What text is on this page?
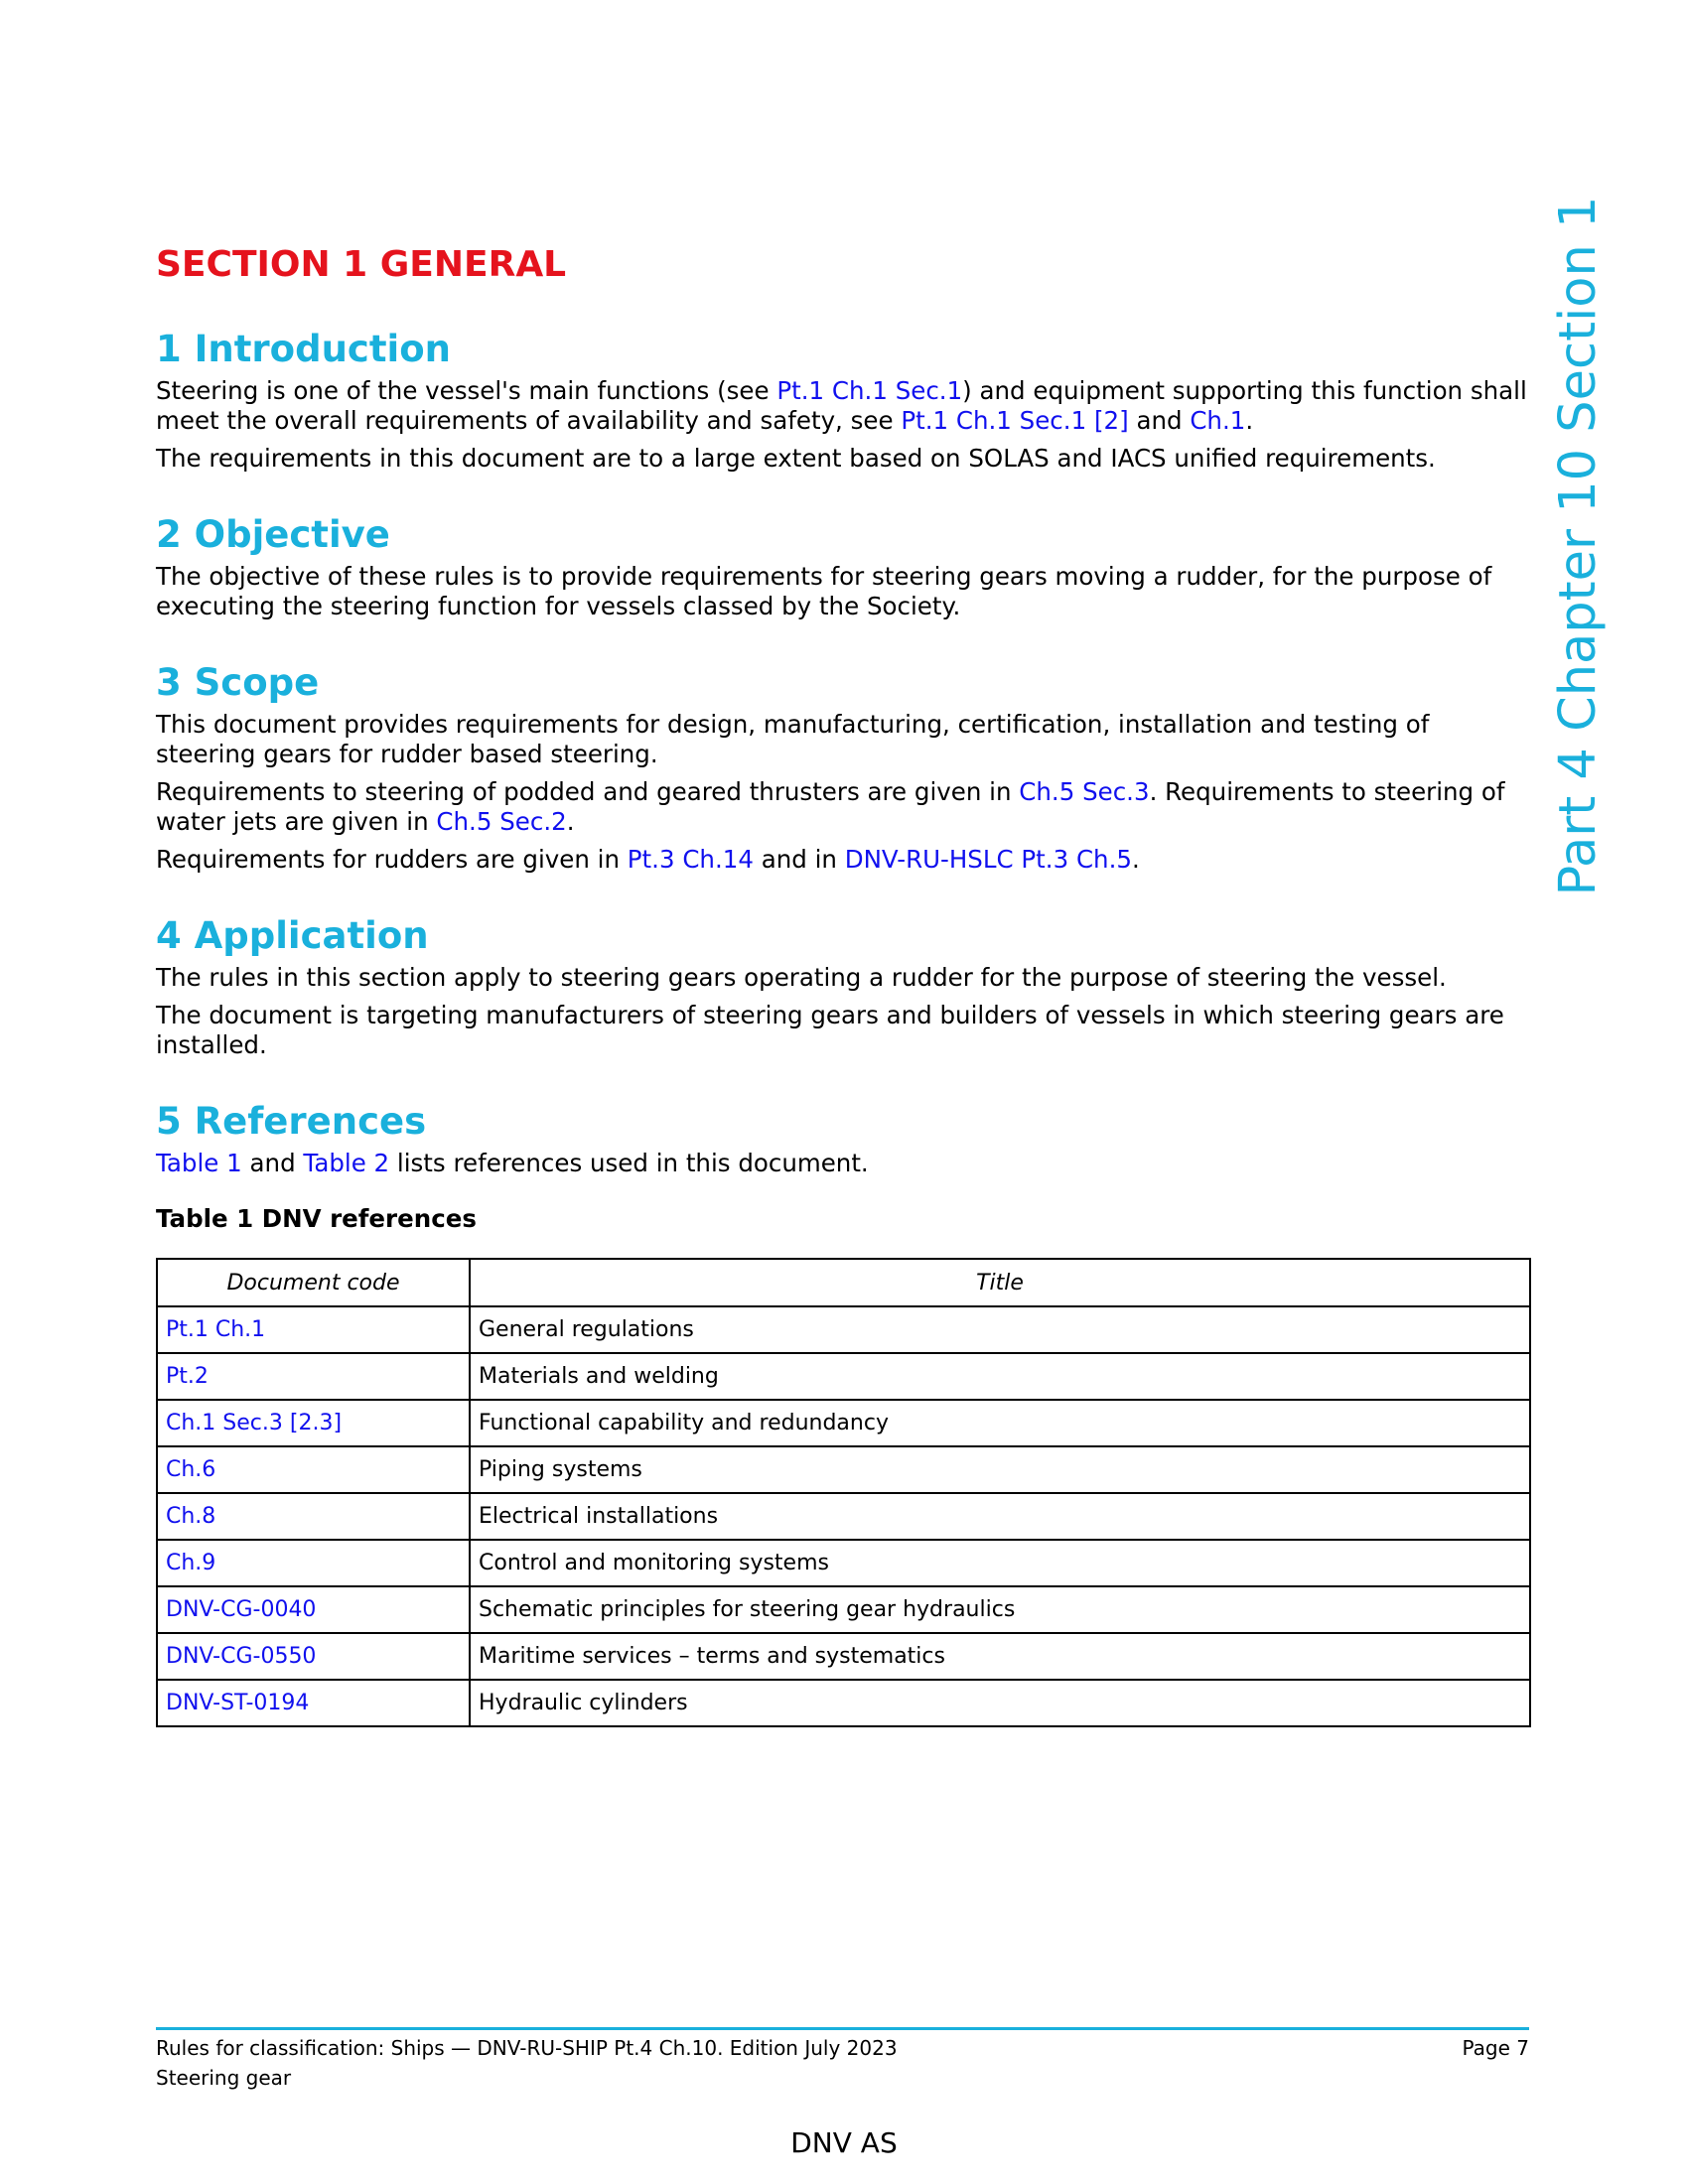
SECTION 1 GENERAL
1 Introduction

Steering is one of the vessel's main functions (see Pt.1 Ch.1 Sec.1) and equipment supporting this function shall meet the overall requirements of availability and safety, see Pt.1 Ch.1 Sec.1 [2] and Ch.1.

The requirements in this document are to a large extent based on SOLAS and IACS unified requirements.

2 Objective

The objective of these rules is to provide requirements for steering gears moving a rudder, for the purpose of executing the steering function for vessels classed by the Society.

3 Scope

This document provides requirements for design, manufacturing, certification, installation and testing of steering gears for rudder based steering.

Requirements to steering of podded and geared thrusters are given in Ch.5 Sec.3. Requirements to steering of water jets are given in Ch.5 Sec.2.

Requirements for rudders are given in Pt.3 Ch.14 and in DNV-RU-HSLC Pt.3 Ch.5.

4 Application

The rules in this section apply to steering gears operating a rudder for the purpose of steering the vessel.

The document is targeting manufacturers of steering gears and builders of vessels in which steering gears are installed.

5 References

Table 1 and Table 2 lists references used in this document.

Table 1 DNV references

Document code	Title
Pt.1 Ch.1	General regulations
Pt.2	Materials and welding
Ch.1 Sec.3 [2.3]	Functional capability and redundancy
Ch.6	Piping systems
Ch.8	Electrical installations
Ch.9	Control and monitoring systems
DNV-CG-0040	Schematic principles for steering gear hydraulics
DNV-CG-0550	Maritime services – terms and systematics
DNV-ST-0194	Hydraulic cylinders
Part 4 Chapter 10 Section 1
Rules for classification: Ships — DNV-RU-SHIP Pt.4 Ch.10. Edition July 2023
Steering gear
Page 7
DNV AS
